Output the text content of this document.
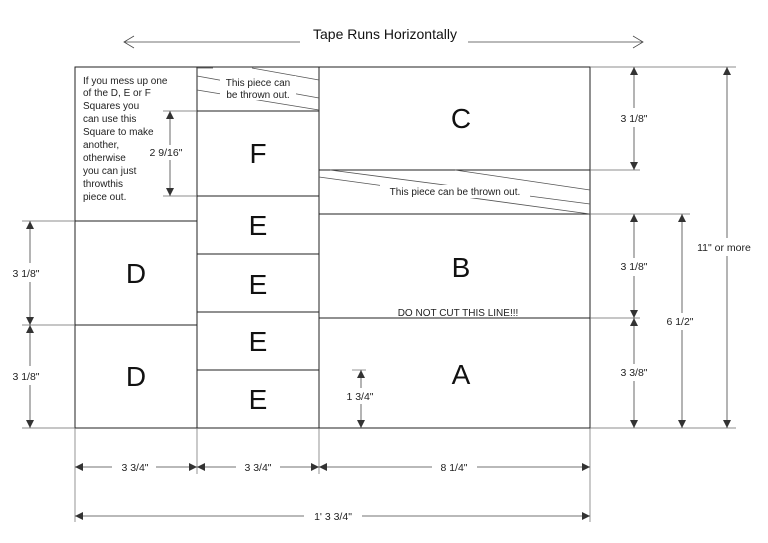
Tape Runs Horizontally
F
E
E
E
E
D
D
C
B
A
This piece can
be thrown out.
This piece can be thrown out.
DO NOT CUT THIS LINE!!!
If you mess up one
of the D, E or F
Squares you
can use this
Square to make
another,
otherwise
you can just
throwthis
piece out.
2 9/16"
1 3/4"
3 1/8"
3 1/8"
3 1/8"
3 1/8"
3 3/8"
6 1/2"
11" or more
3 3/4"	3 3/4"	8 1/4"
1' 3 3/4"
